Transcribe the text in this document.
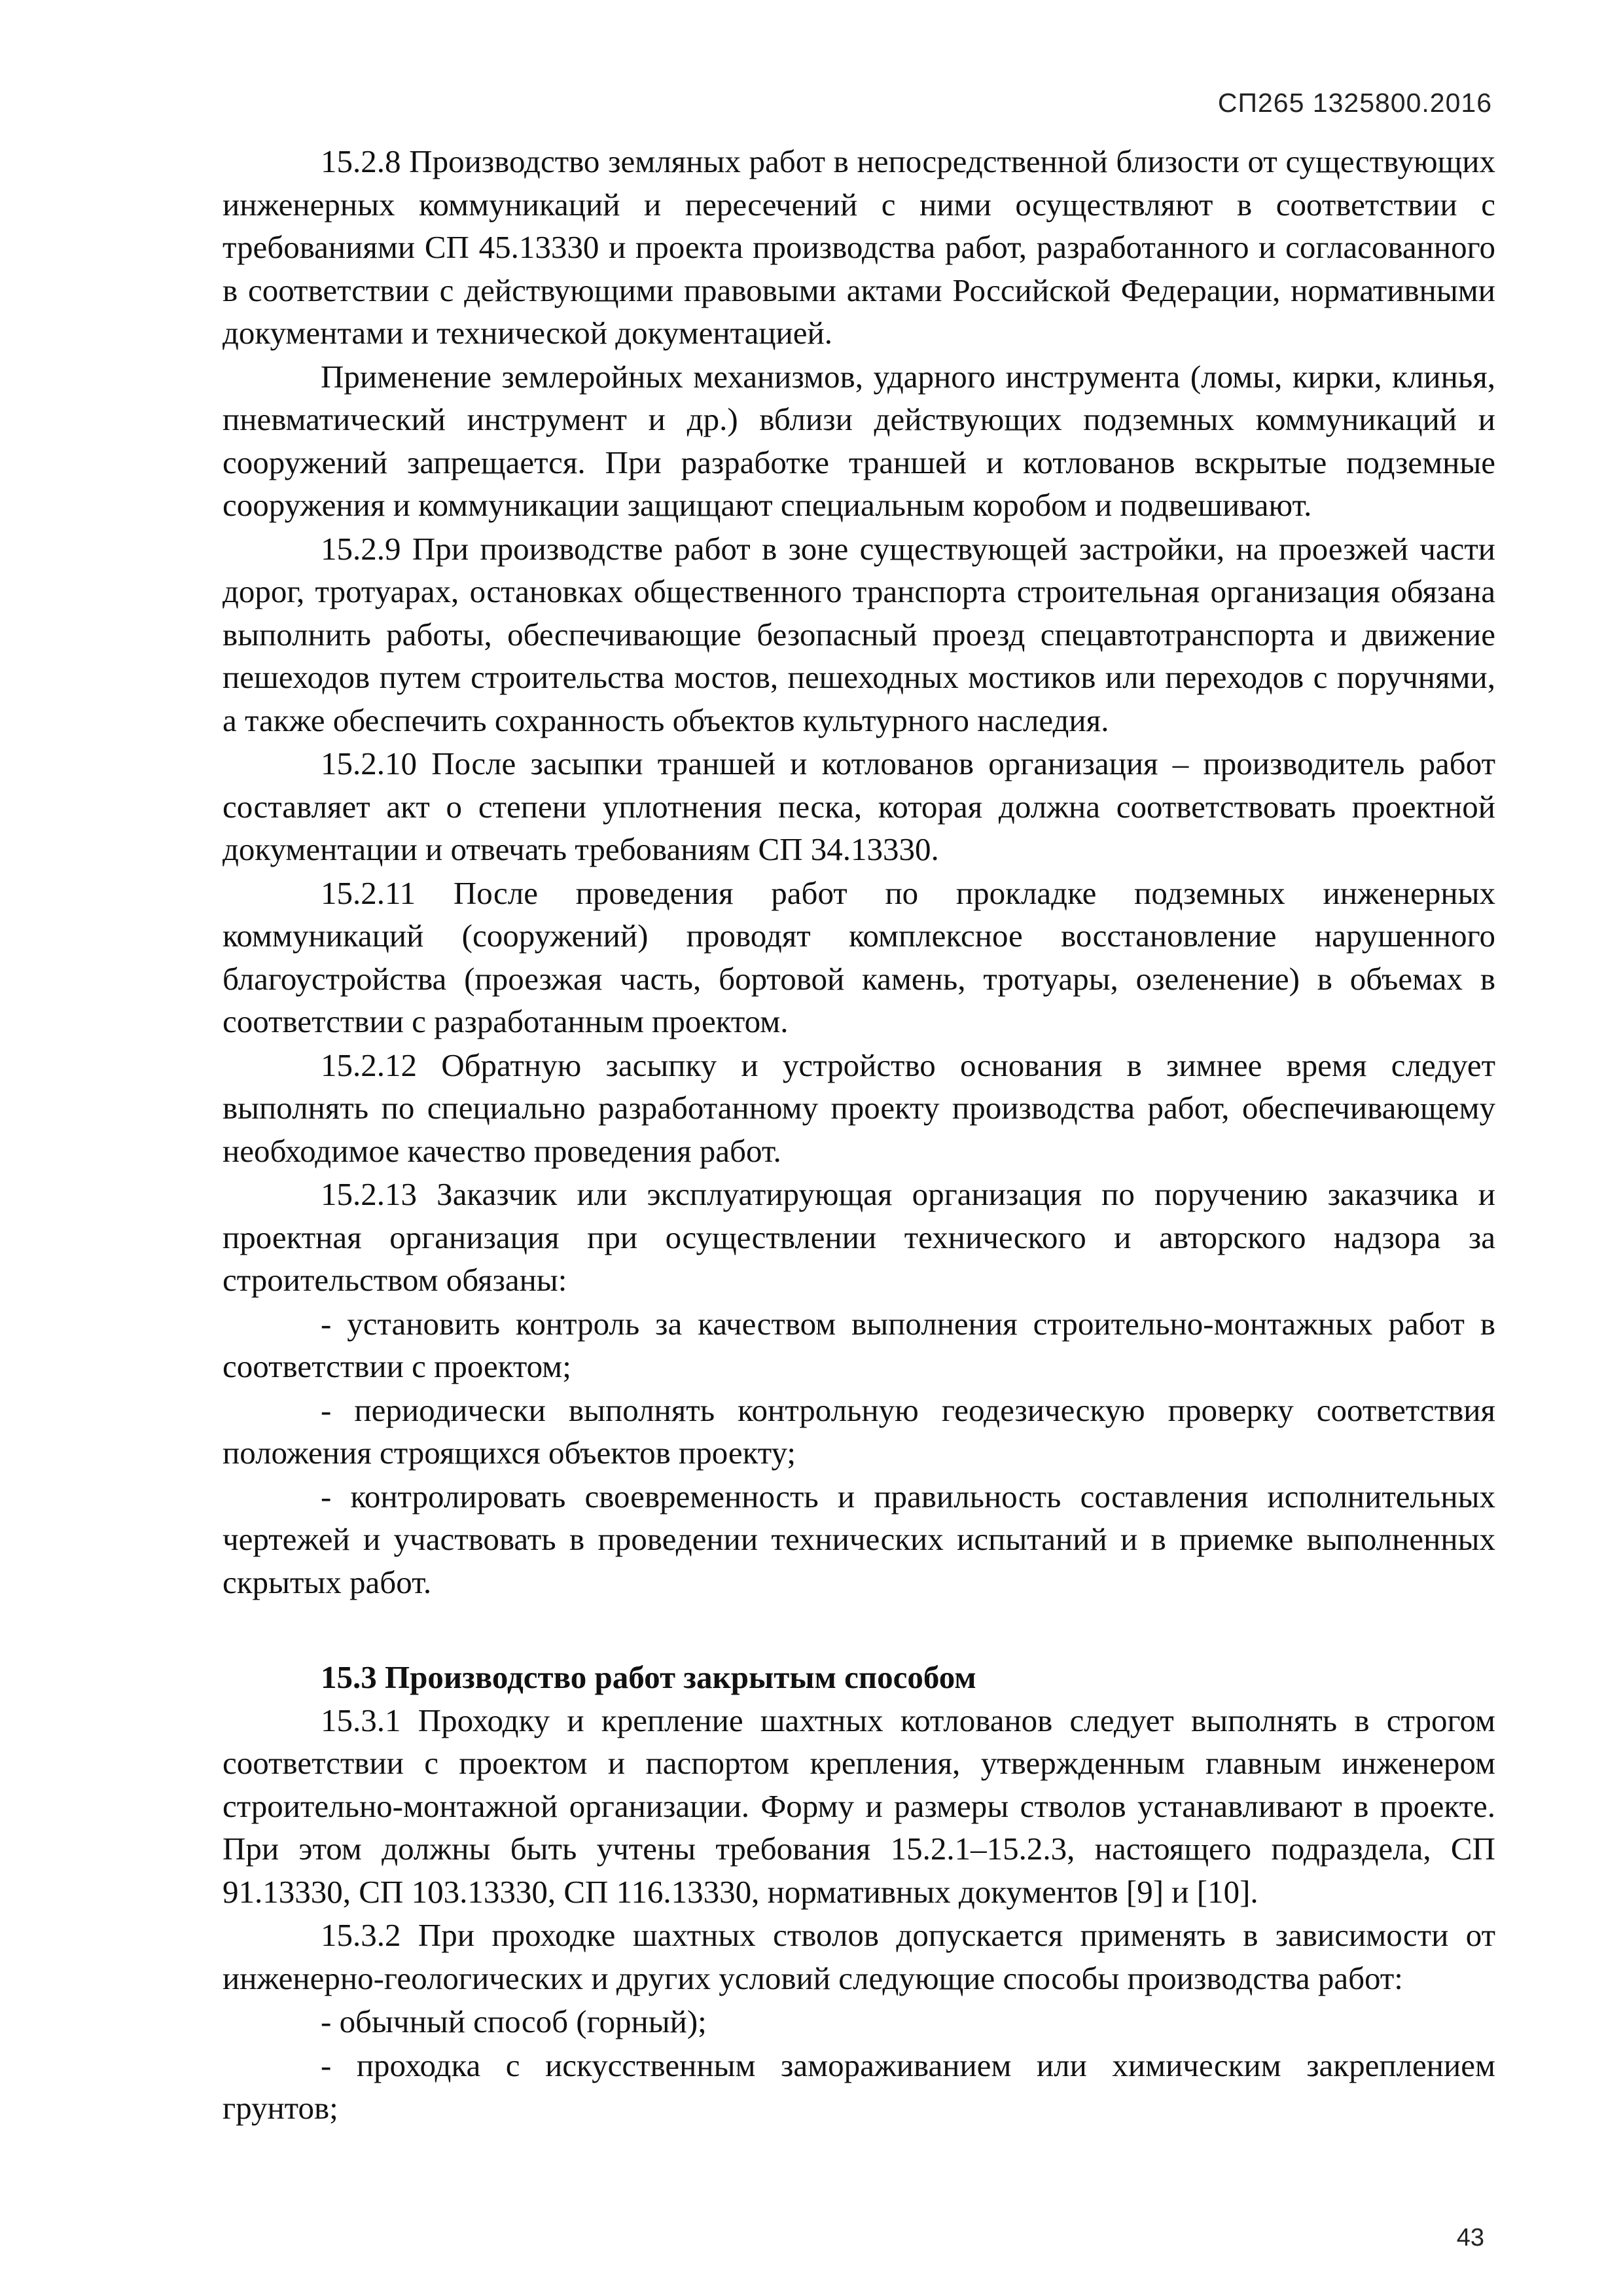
СП265 1325800.2016

15.2.8 Производство земляных работ в непосредственной близости от существующих инженерных коммуникаций и пересечений с ними осуществляют в соответствии с требованиями СП 45.13330 и проекта производства работ, разработанного и согласованного в соответствии с действующими правовыми актами Российской Федерации, нормативными документами и технической документацией.

Применение землеройных механизмов, ударного инструмента (ломы, кирки, клинья, пневматический инструмент и др.) вблизи действующих подземных коммуникаций и сооружений запрещается. При разработке траншей и котлованов вскрытые подземные сооружения и коммуникации защищают специальным коробом и подвешивают.

15.2.9 При производстве работ в зоне существующей застройки, на проезжей части дорог, тротуарах, остановках общественного транспорта строительная организация обязана выполнить работы, обеспечивающие безопасный проезд спецавтотранспорта и движение пешеходов путем строительства мостов, пешеходных мостиков или переходов с поручнями, а также обеспечить сохранность объектов культурного наследия.

15.2.10 После засыпки траншей и котлованов организация – производитель работ составляет акт о степени уплотнения песка, которая должна соответствовать проектной документации и отвечать требованиям СП 34.13330.

15.2.11 После проведения работ по прокладке подземных инженерных коммуникаций (сооружений) проводят комплексное восстановление нарушенного благоустройства (проезжая часть, бортовой камень, тротуары, озеленение) в объемах в соответствии с разработанным проектом.

15.2.12 Обратную засыпку и устройство основания в зимнее время следует выполнять по специально разработанному проекту производства работ, обеспечивающему необходимое качество проведения работ.

15.2.13 Заказчик или эксплуатирующая организация по поручению заказчика и проектная организация при осуществлении технического и авторского надзора за строительством обязаны:

- установить контроль за качеством выполнения строительно-монтажных работ в соответствии с проектом;

- периодически выполнять контрольную геодезическую проверку соответствия положения строящихся объектов проекту;

- контролировать своевременность и правильность составления исполнительных чертежей и участвовать в проведении технических испытаний и в приемке выполненных скрытых работ.

15.3 Производство работ закрытым способом

15.3.1 Проходку и крепление шахтных котлованов следует выполнять в строгом соответствии с проектом и паспортом крепления, утвержденным главным инженером строительно-монтажной организации. Форму и размеры стволов устанавливают в проекте. При этом должны быть учтены требования 15.2.1–15.2.3, настоящего подраздела, СП 91.13330, СП 103.13330, СП 116.13330, нормативных документов [9] и [10].

15.3.2 При проходке шахтных стволов допускается применять в зависимости от инженерно-геологических и других условий следующие способы производства работ:

- обычный способ (горный);

- проходка с искусственным замораживанием или химическим закреплением грунтов;

43
